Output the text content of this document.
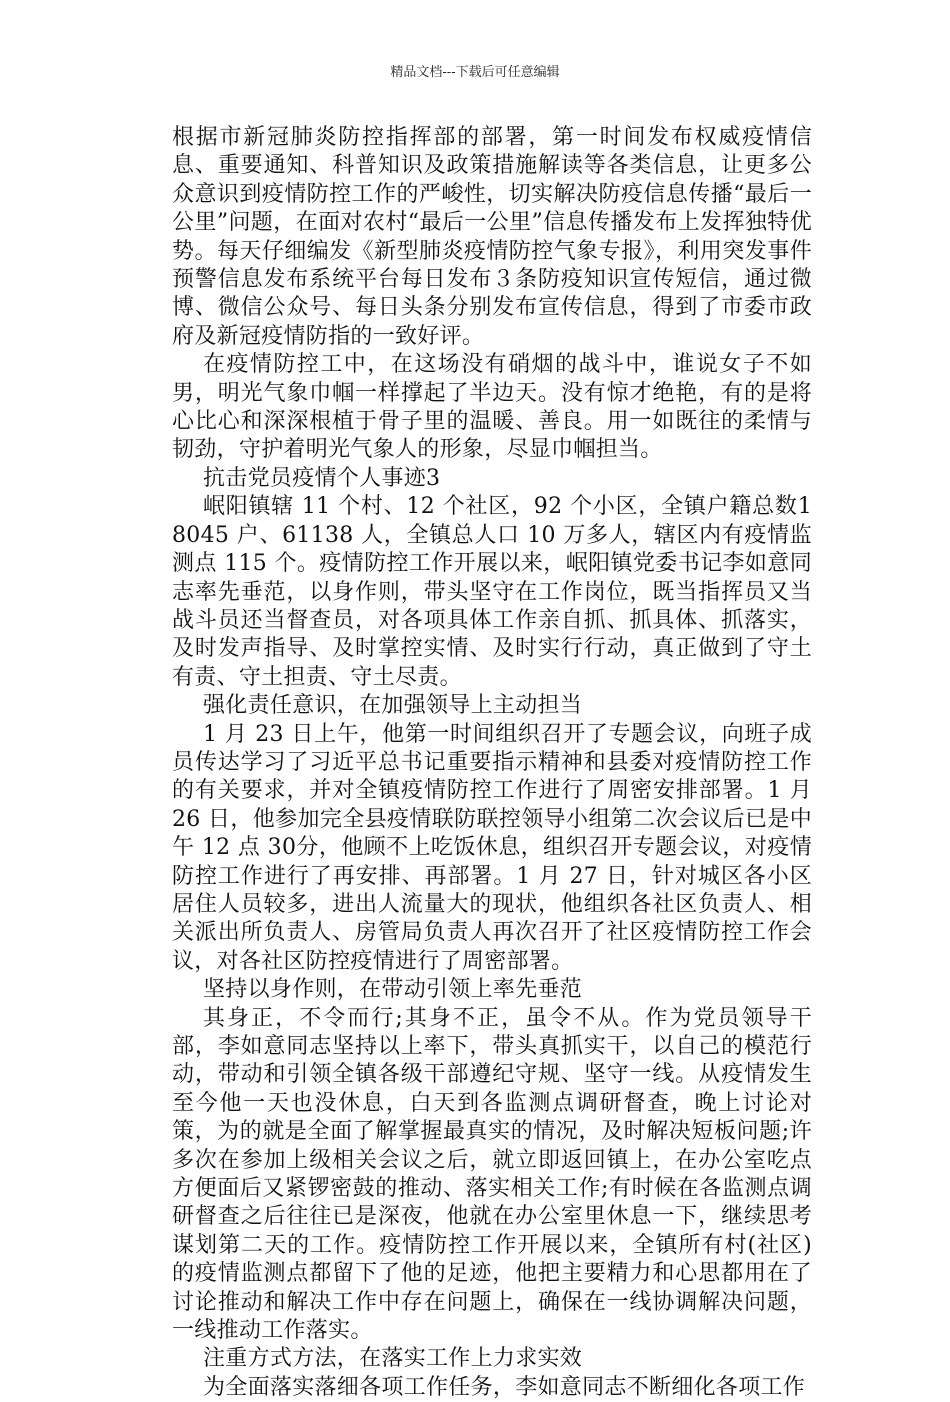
精品文档---下载后可任意编辑

根据市新冠肺炎防控指挥部的部署，第一时间发布权威疫情信息、重要通知、科普知识及政策措施解读等各类信息，让更多公众意识到疫情防控工作的严峻性，切实解决防疫信息传播“最后一公里”问题，在面对农村“最后一公里”信息传播发布上发挥独特优势。每天仔细编发《新型肺炎疫情防控气象专报》，利用突发事件预警信息发布系统平台每日发布３条防疫知识宣传短信，通过微博、微信公众号、每日头条分别发布宣传信息，得到了市委市政府及新冠疫情防指的一致好评。

在疫情防控工中，在这场没有硝烟的战斗中，谁说女子不如男，明光气象巾帼一样撑起了半边天。没有惊才绝艳，有的是将心比心和深深根植于骨子里的温暖、善良。用一如既往的柔情与韧劲，守护着明光气象人的形象，尽显巾帼担当。

抗击党员疫情个人事迹3

岷阳镇辖 11 个村、12 个社区，92 个小区，全镇户籍总数18045 户、61138 人，全镇总人口 10 万多人，辖区内有疫情监测点 115 个。疫情防控工作开展以来，岷阳镇党委书记李如意同志率先垂范，以身作则，带头坚守在工作岗位，既当指挥员又当战斗员还当督查员，对各项具体工作亲自抓、抓具体、抓落实，及时发声指导、及时掌控实情、及时实行行动，真正做到了守土有责、守土担责、守土尽责。

强化责任意识，在加强领导上主动担当

1 月 23 日上午，他第一时间组织召开了专题会议，向班子成员传达学习了习近平总书记重要指示精神和县委对疫情防控工作的有关要求，并对全镇疫情防控工作进行了周密安排部署。1 月 26 日，他参加完全县疫情联防联控领导小组第二次会议后已是中午 12 点 30分，他顾不上吃饭休息，组织召开专题会议，对疫情防控工作进行了再安排、再部署。1 月 27 日，针对城区各小区居住人员较多，进出人流量大的现状，他组织各社区负责人、相关派出所负责人、房管局负责人再次召开了社区疫情防控工作会议，对各社区防控疫情进行了周密部署。

坚持以身作则，在带动引领上率先垂范

其身正，不令而行;其身不正，虽令不从。作为党员领导干部，李如意同志坚持以上率下，带头真抓实干，以自己的模范行动，带动和引领全镇各级干部遵纪守规、坚守一线。从疫情发生至今他一天也没休息，白天到各监测点调研督查，晚上讨论对策，为的就是全面了解掌握最真实的情况，及时解决短板问题;许多次在参加上级相关会议之后，就立即返回镇上，在办公室吃点方便面后又紧锣密鼓的推动、落实相关工作;有时候在各监测点调研督查之后往往已是深夜，他就在办公室里休息一下，继续思考谋划第二天的工作。疫情防控工作开展以来，全镇所有村(社区)的疫情监测点都留下了他的足迹，他把主要精力和心思都用在了讨论推动和解决工作中存在问题上，确保在一线协调解决问题，一线推动工作落实。

注重方式方法，在落实工作上力求实效

为全面落实落细各项工作任务，李如意同志不断细化各项工作
